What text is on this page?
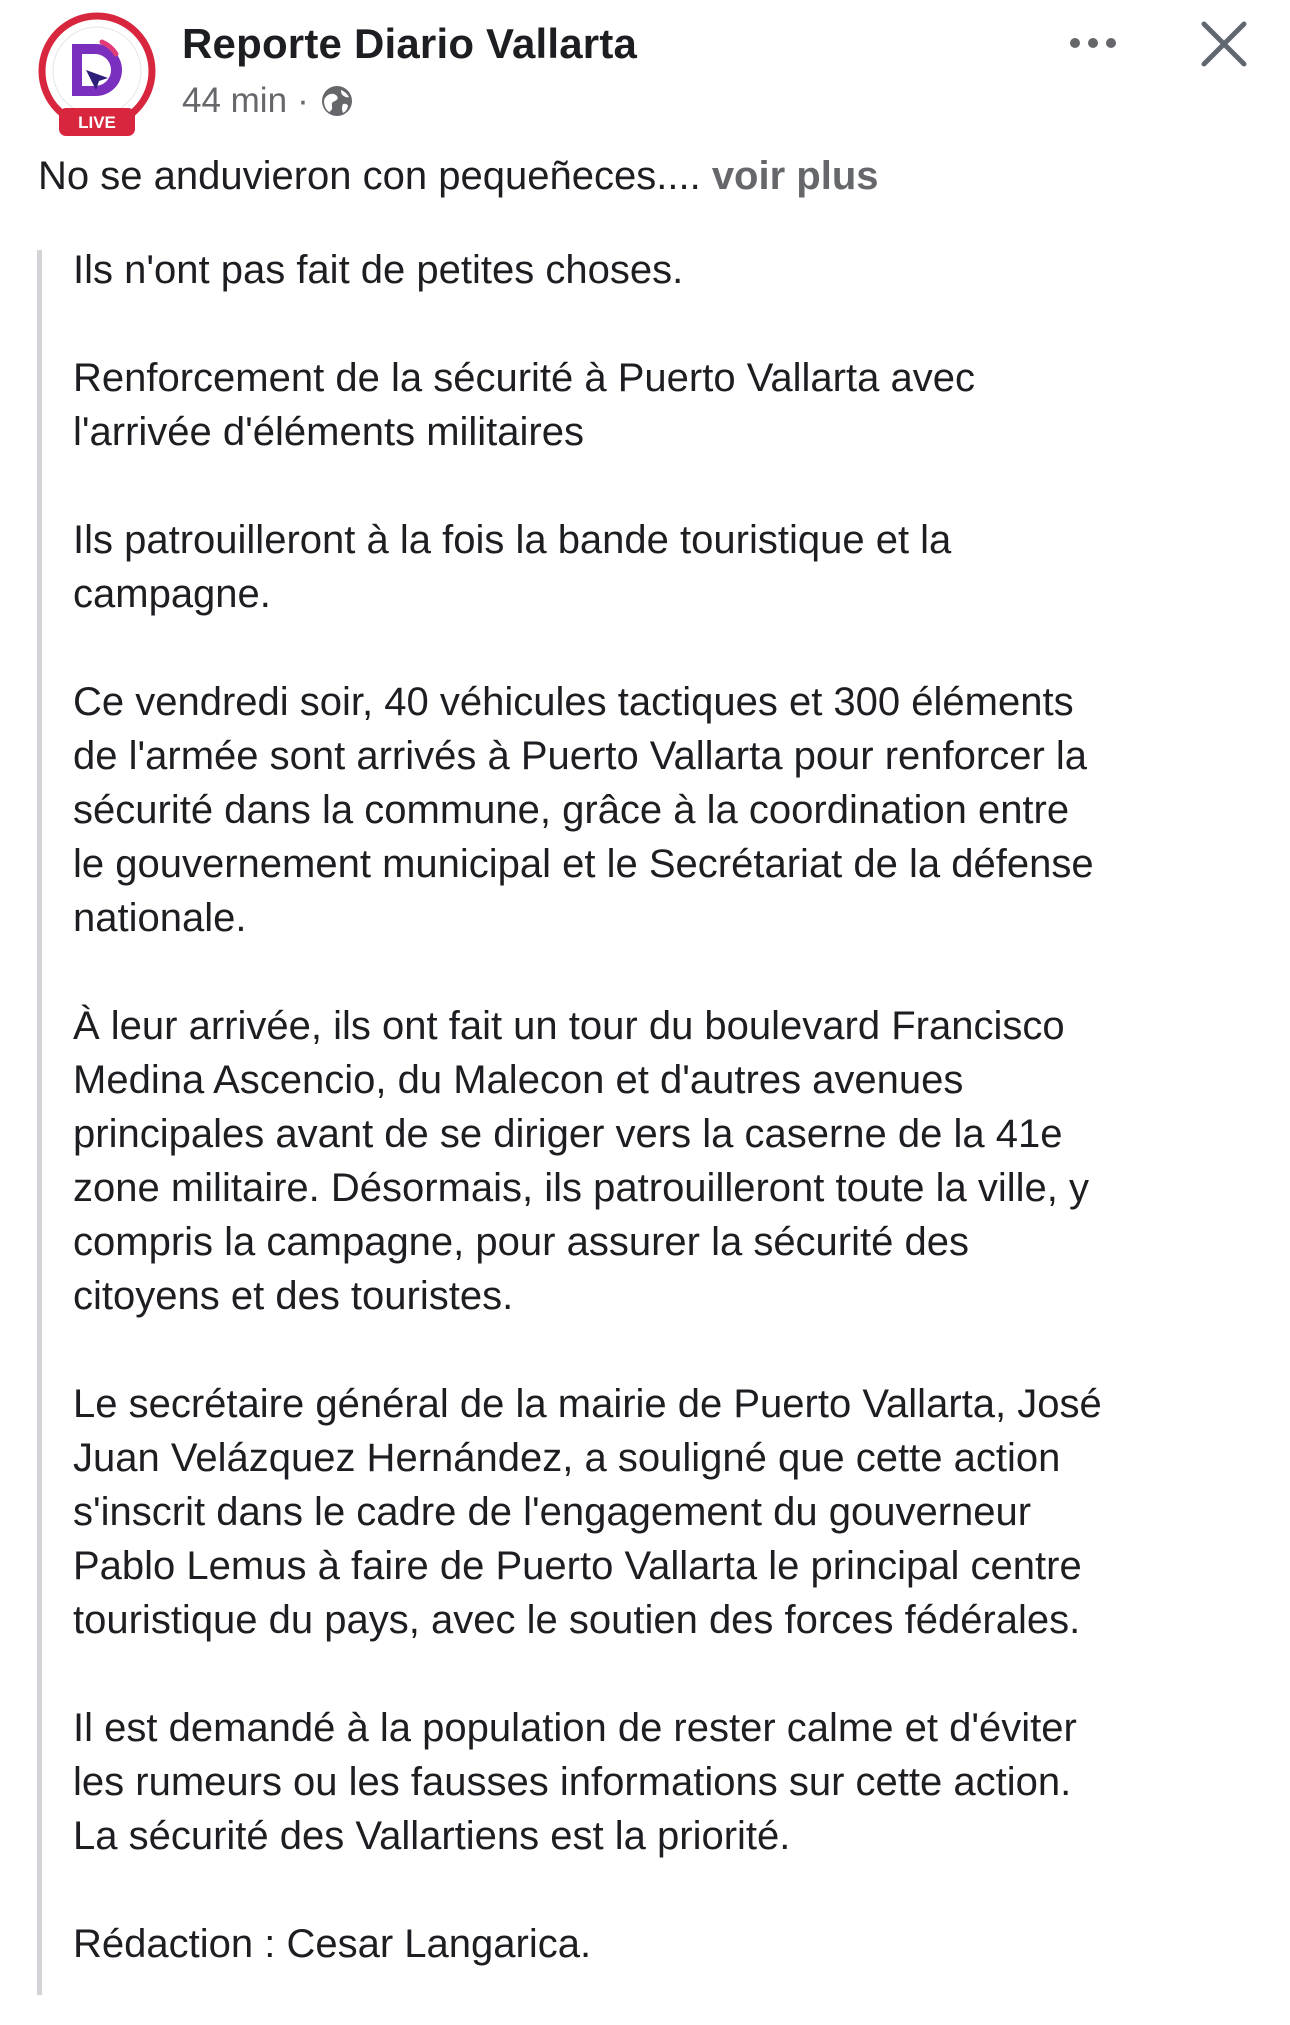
LIVE
Reporte Diario Vallarta
44 min ·
No se anduvieron con pequeñeces.... voir plus

Ils n'ont pas fait de petites choses.

Renforcement de la sécurité à Puerto Vallarta avec
l'arrivée d'éléments militaires

Ils patrouilleront à la fois la bande touristique et la
campagne.

Ce vendredi soir, 40 véhicules tactiques et 300 éléments
de l'armée sont arrivés à Puerto Vallarta pour renforcer la
sécurité dans la commune, grâce à la coordination entre
le gouvernement municipal et le Secrétariat de la défense
nationale.

À leur arrivée, ils ont fait un tour du boulevard Francisco
Medina Ascencio, du Malecon et d'autres avenues
principales avant de se diriger vers la caserne de la 41e
zone militaire. Désormais, ils patrouilleront toute la ville, y
compris la campagne, pour assurer la sécurité des
citoyens et des touristes.

Le secrétaire général de la mairie de Puerto Vallarta, José
Juan Velázquez Hernández, a souligné que cette action
s'inscrit dans le cadre de l'engagement du gouverneur
Pablo Lemus à faire de Puerto Vallarta le principal centre
touristique du pays, avec le soutien des forces fédérales.

Il est demandé à la population de rester calme et d'éviter
les rumeurs ou les fausses informations sur cette action.
La sécurité des Vallartiens est la priorité.

Rédaction : Cesar Langarica.
